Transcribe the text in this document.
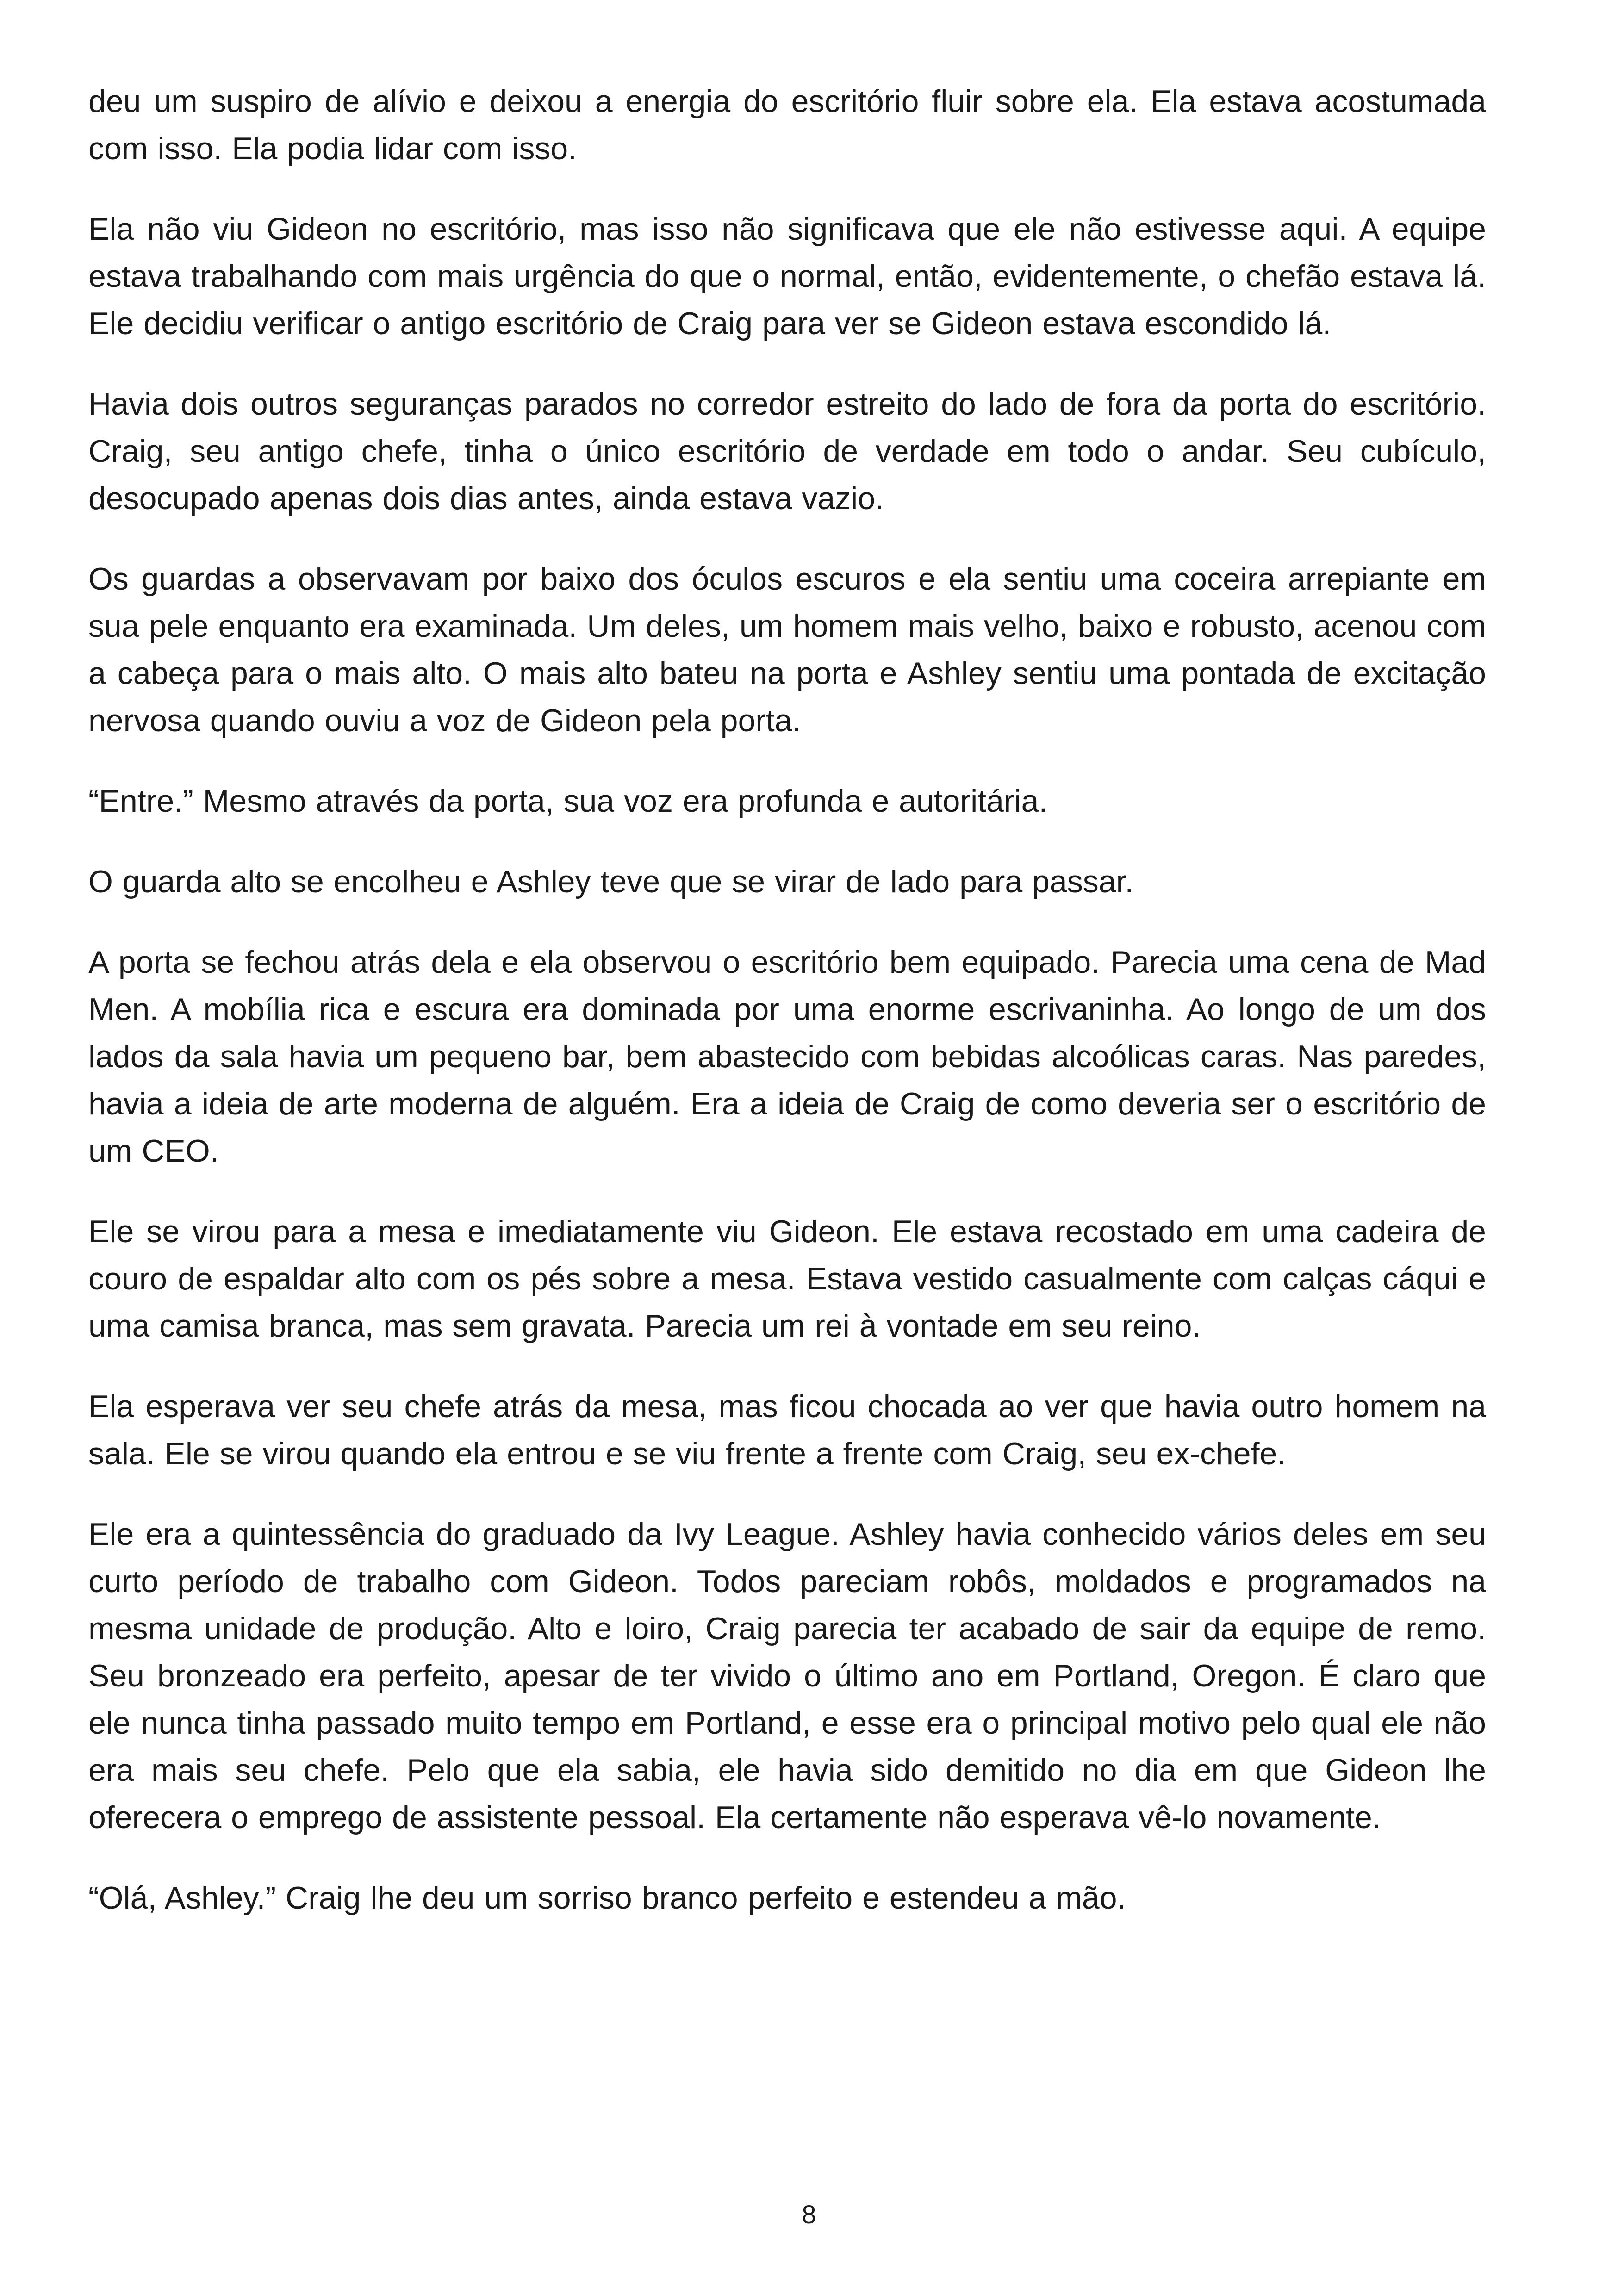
deu um suspiro de alívio e deixou a energia do escritório fluir sobre ela. Ela estava acostumada com isso. Ela podia lidar com isso.

Ela não viu Gideon no escritório, mas isso não significava que ele não estivesse aqui. A equipe estava trabalhando com mais urgência do que o normal, então, evidentemente, o chefão estava lá. Ele decidiu verificar o antigo escritório de Craig para ver se Gideon estava escondido lá.

Havia dois outros seguranças parados no corredor estreito do lado de fora da porta do escritório. Craig, seu antigo chefe, tinha o único escritório de verdade em todo o andar. Seu cubículo, desocupado apenas dois dias antes, ainda estava vazio.

Os guardas a observavam por baixo dos óculos escuros e ela sentiu uma coceira arrepiante em sua pele enquanto era examinada. Um deles, um homem mais velho, baixo e robusto, acenou com a cabeça para o mais alto. O mais alto bateu na porta e Ashley sentiu uma pontada de excitação nervosa quando ouviu a voz de Gideon pela porta.

“Entre.” Mesmo através da porta, sua voz era profunda e autoritária.

O guarda alto se encolheu e Ashley teve que se virar de lado para passar.

A porta se fechou atrás dela e ela observou o escritório bem equipado. Parecia uma cena de Mad Men. A mobília rica e escura era dominada por uma enorme escrivaninha. Ao longo de um dos lados da sala havia um pequeno bar, bem abastecido com bebidas alcoólicas caras. Nas paredes, havia a ideia de arte moderna de alguém. Era a ideia de Craig de como deveria ser o escritório de um CEO.

Ele se virou para a mesa e imediatamente viu Gideon. Ele estava recostado em uma cadeira de couro de espaldar alto com os pés sobre a mesa. Estava vestido casualmente com calças cáqui e uma camisa branca, mas sem gravata. Parecia um rei à vontade em seu reino.

Ela esperava ver seu chefe atrás da mesa, mas ficou chocada ao ver que havia outro homem na sala. Ele se virou quando ela entrou e se viu frente a frente com Craig, seu ex-chefe.

Ele era a quintessência do graduado da Ivy League. Ashley havia conhecido vários deles em seu curto período de trabalho com Gideon. Todos pareciam robôs, moldados e programados na mesma unidade de produção. Alto e loiro, Craig parecia ter acabado de sair da equipe de remo. Seu bronzeado era perfeito, apesar de ter vivido o último ano em Portland, Oregon. É claro que ele nunca tinha passado muito tempo em Portland, e esse era o principal motivo pelo qual ele não era mais seu chefe. Pelo que ela sabia, ele havia sido demitido no dia em que Gideon lhe oferecera o emprego de assistente pessoal. Ela certamente não esperava vê-lo novamente.

“Olá, Ashley.” Craig lhe deu um sorriso branco perfeito e estendeu a mão.

8
